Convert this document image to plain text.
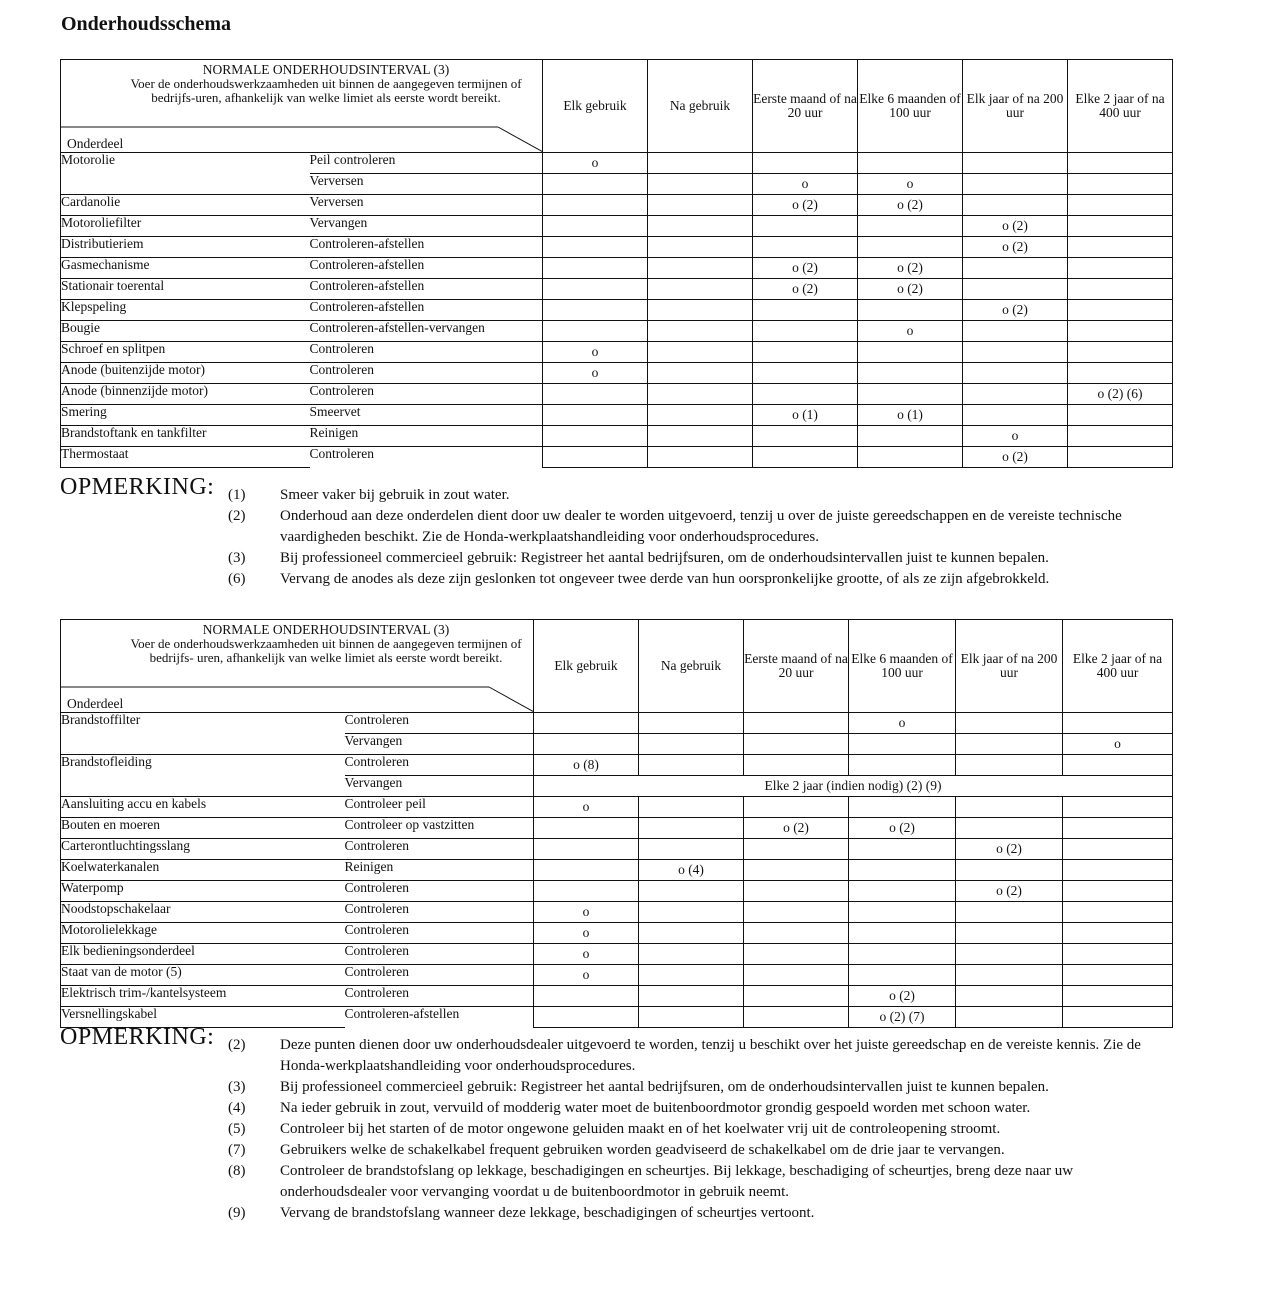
Onderhoudsschema
NORMALE ONDERHOUDSINTERVAL (3)
Voer de onderhoudswerkzaamheden uit binnen de aangegeven termijnen of bedrijfs-uren, afhankelijk van welke limiet als eerste wordt bereikt.
Onderdeel		Elk gebruik	Na gebruik	Eerste maand of na 20 uur	Elke 6 maanden of 100 uur	Elk jaar of na 200 uur	Elke 2 jaar of na 400 uur
Motorolie	Peil controleren	o					
	Verversen			o	o		
Cardanolie	Verversen			o (2)	o (2)		
Motoroliefilter	Vervangen					o (2)	
Distributieriem	Controleren-afstellen					o (2)	
Gasmechanisme	Controleren-afstellen			o (2)	o (2)		
Stationair toerental	Controleren-afstellen			o (2)	o (2)		
Klepspeling	Controleren-afstellen					o (2)	
Bougie	Controleren-afstellen-vervangen				o		
Schroef en splitpen	Controleren	o					
Anode (buitenzijde motor)	Controleren	o					
Anode (binnenzijde motor)	Controleren						o (2) (6)
Smering	Smeervet			o (1)	o (1)		
Brandstoftank en tankfilter	Reinigen					o	
Thermostaat	Controleren					o (2)	
OPMERKING: (1) Smeer vaker bij gebruik in zout water.
(2) Onderhoud aan deze onderdelen dient door uw dealer te worden uitgevoerd, tenzij u over de juiste gereedschappen en de vereiste technische vaardigheden beschikt. Zie de Honda-werkplaatshandleiding voor onderhoudsprocedures.
(3) Bij professioneel commercieel gebruik: Registreer het aantal bedrijfsuren, om de onderhoudsintervallen juist te kunnen bepalen.
(6) Vervang de anodes als deze zijn geslonken tot ongeveer twee derde van hun oorspronkelijke grootte, of als ze zijn afgebrokkeld.
NORMALE ONDERHOUDSINTERVAL (3)
Voer de onderhoudswerkzaamheden uit binnen de aangegeven termijnen of bedrijfs- uren, afhankelijk van welke limiet als eerste wordt bereikt.
Onderdeel		Elk gebruik	Na gebruik	Eerste maand of na 20 uur	Elke 6 maanden of 100 uur	Elk jaar of na 200 uur	Elke 2 jaar of na 400 uur
Brandstoffilter	Controleren				o		
	Vervangen						o
Brandstofleiding	Controleren	o (8)					
	Vervangen	Elke 2 jaar (indien nodig) (2) (9)					
Aansluiting accu en kabels	Controleer peil	o					
Bouten en moeren	Controleer op vastzitten			o (2)	o (2)		
Carterontluchtingsslang	Controleren					o (2)	
Koelwaterkanalen	Reinigen		o (4)				
Waterpomp	Controleren					o (2)	
Noodstopschakelaar	Controleren	o					
Motorolielekkage	Controleren	o					
Elk bedieningsonderdeel	Controleren	o					
Staat van de motor (5)	Controleren	o					
Elektrisch trim-/kantelsysteem	Controleren				o (2)		
Versnellingskabel	Controleren-afstellen				o (2) (7)		
OPMERKING: (2) Deze punten dienen door uw onderhoudsdealer uitgevoerd te worden, tenzij u beschikt over het juiste gereedschap en de vereiste kennis. Zie de Honda-werkplaatshandleiding voor onderhoudsprocedures.
(3) Bij professioneel commercieel gebruik: Registreer het aantal bedrijfsuren, om de onderhoudsintervallen juist te kunnen bepalen.
(4) Na ieder gebruik in zout, vervuild of modderig water moet de buitenboordmotor grondig gespoeld worden met schoon water.
(5) Controleer bij het starten of de motor ongewone geluiden maakt en of het koelwater vrij uit de controleopening stroomt.
(7) Gebruikers welke de schakelkabel frequent gebruiken worden geadviseerd de schakelkabel om de drie jaar te vervangen.
(8) Controleer de brandstofslang op lekkage, beschadigingen en scheurtjes. Bij lekkage, beschadiging of scheurtjes, breng deze naar uw onderhoudsdealer voor vervanging voordat u de buitenboordmotor in gebruik neemt.
(9) Vervang de brandstofslang wanneer deze lekkage, beschadigingen of scheurtjes vertoont.
